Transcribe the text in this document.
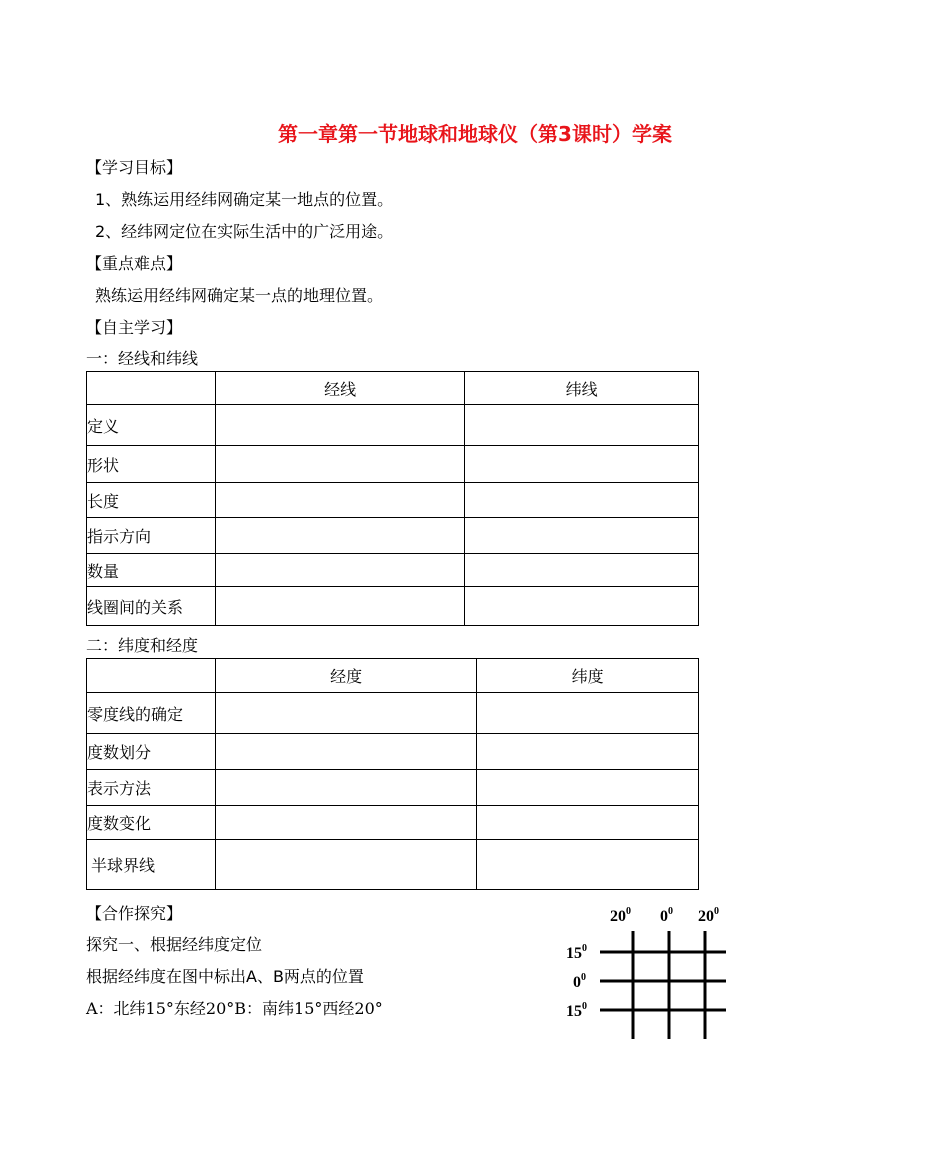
第一章第一节地球和地球仪（第3课时）学案
【学习目标】
1、熟练运用经纬网确定某一地点的位置。
2、经纬网定位在实际生活中的广泛用途。
【重点难点】
熟练运用经纬网确定某一点的地理位置。
【自主学习】
一：经线和纬线
	经线	纬线
定义		
形状		
长度		
指示方向		
数量		
线圈间的关系		
二：纬度和经度
	经度	纬度
零度线的确定		
度数划分		
表示方法		
度数变化		
半球界线		
【合作探究】
探究一、根据经纬度定位
根据经纬度在图中标出A、B两点的位置
A：北纬15°东经20°B：南纬15°西经20°
$20^0$ $0^0$ $20^0$
$15^0$
$0^0$
$15^0$
